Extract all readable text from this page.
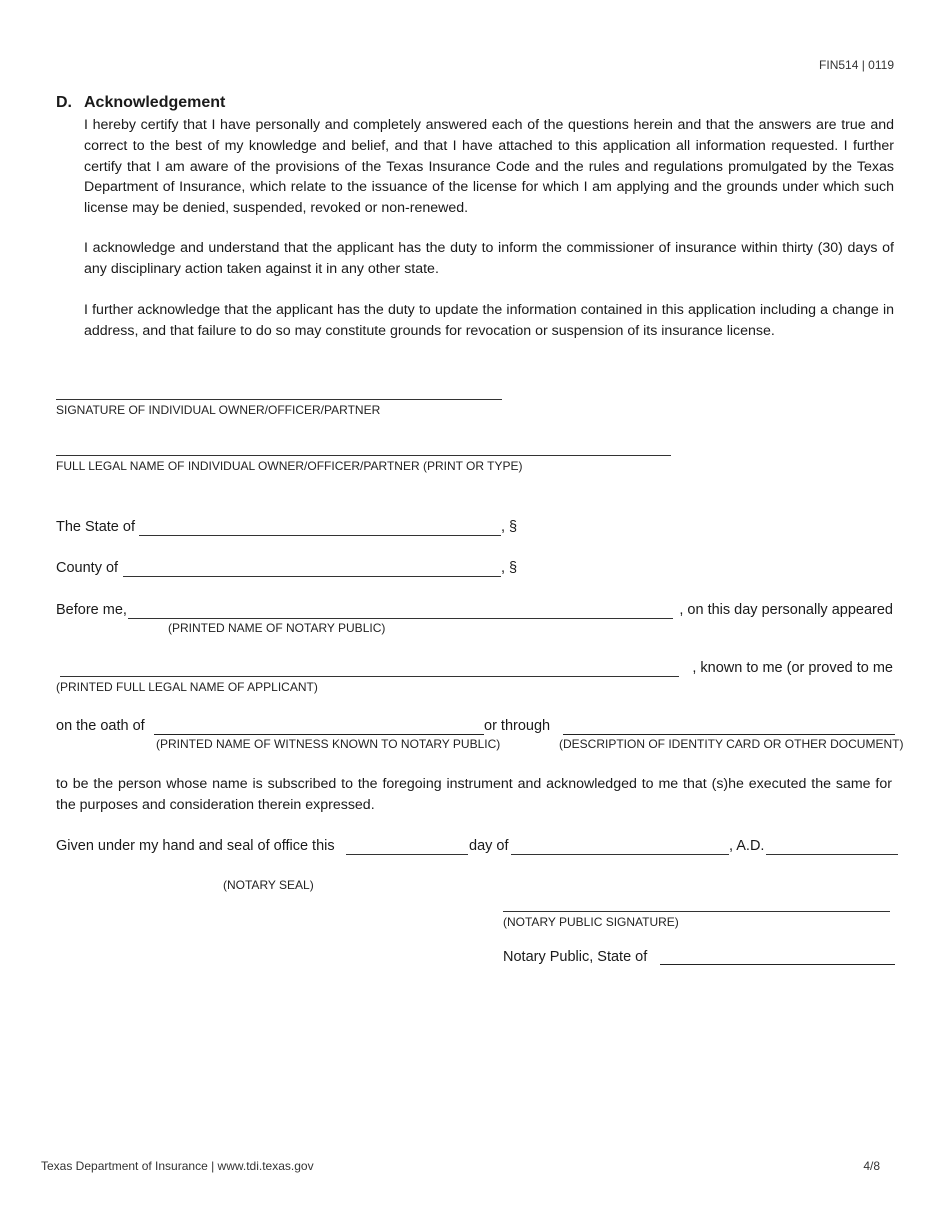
FIN514 | 0119
D. Acknowledgement

I hereby certify that I have personally and completely answered each of the questions herein and that the answers are true and correct to the best of my knowledge and belief, and that I have attached to this application all information requested. I further certify that I am aware of the provisions of the Texas Insurance Code and the rules and regulations promulgated by the Texas Department of Insurance, which relate to the issuance of the license for which I am applying and the grounds under which such license may be denied, suspended, revoked or non-renewed.

I acknowledge and understand that the applicant has the duty to inform the commissioner of insurance within thirty (30) days of any disciplinary action taken against it in any other state.

I further acknowledge that the applicant has the duty to update the information contained in this application including a change in address, and that failure to do so may constitute grounds for revocation or suspension of its insurance license.

SIGNATURE OF INDIVIDUAL OWNER/OFFICER/PARTNER
FULL LEGAL NAME OF INDIVIDUAL OWNER/OFFICER/PARTNER (PRINT OR TYPE)
The State of	, §
County of	, §
Before me,	, on this day personally appeared
(PRINTED NAME OF NOTARY PUBLIC)
, known to me (or proved to me
(PRINTED FULL LEGAL NAME OF APPLICANT)
on the oath of	or through
(PRINTED NAME OF WITNESS KNOWN TO NOTARY PUBLIC)	(DESCRIPTION OF IDENTITY CARD OR OTHER DOCUMENT)

to be the person whose name is subscribed to the foregoing instrument and acknowledged to me that (s)he executed the same for the purposes and consideration therein expressed.

Given under my hand and seal of office this	day of	, A.D.
(NOTARY SEAL)
(NOTARY PUBLIC SIGNATURE)
Notary Public, State of
Texas Department of Insurance | www.tdi.texas.gov	4/8
